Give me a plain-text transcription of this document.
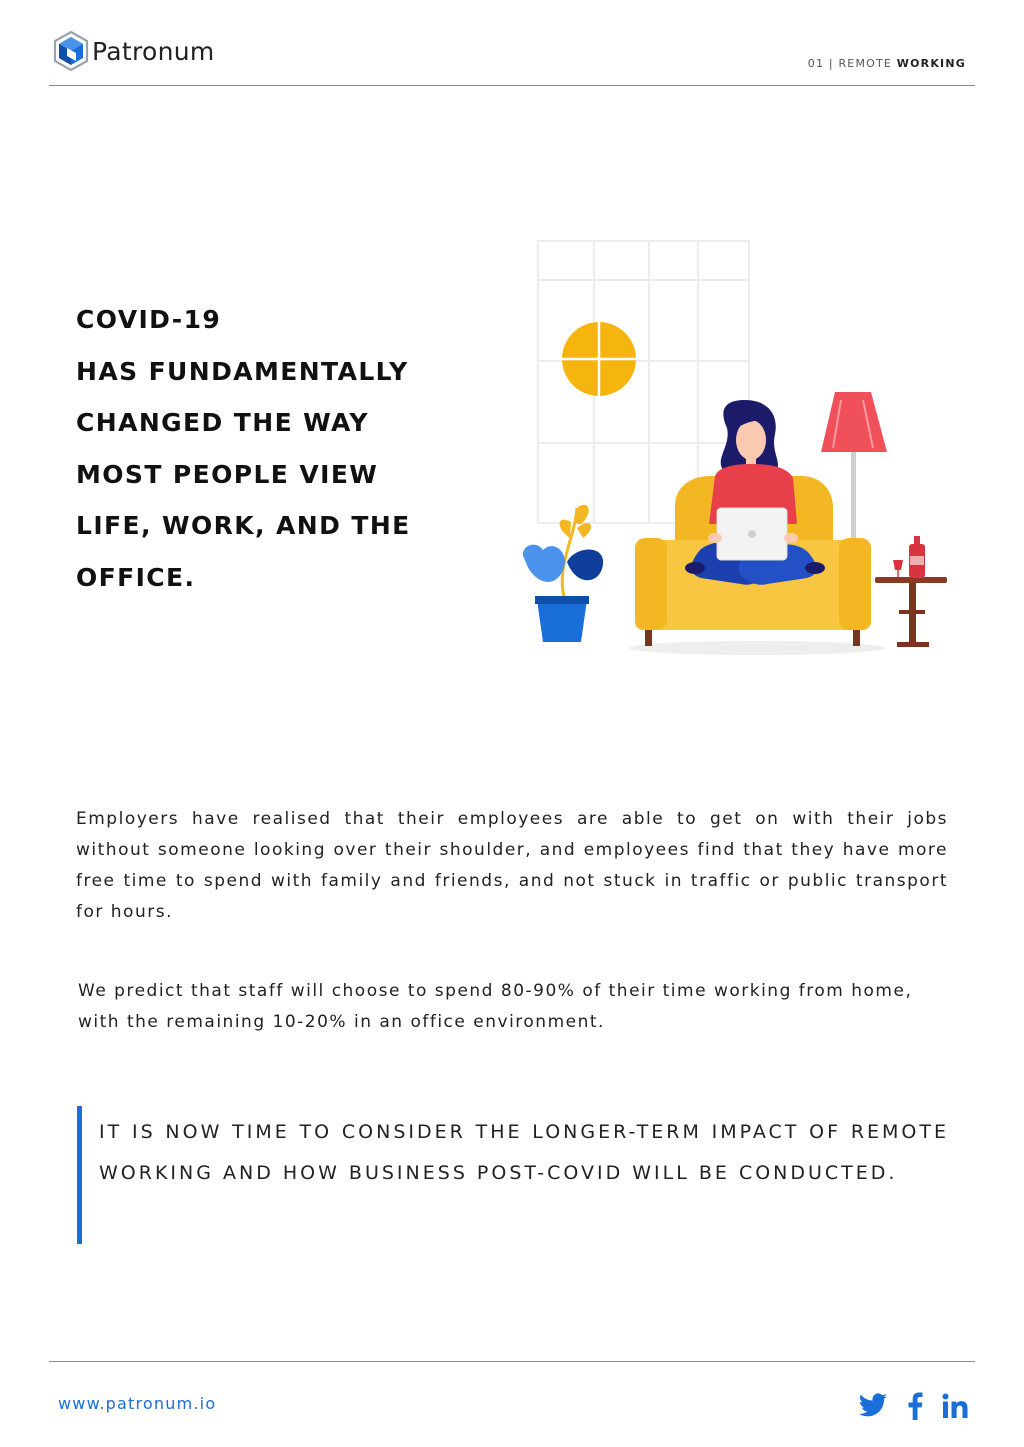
Patronum	01 | REMOTE WORKING
COVID-19
HAS FUNDAMENTALLY
CHANGED THE WAY
MOST PEOPLE VIEW
LIFE, WORK, AND THE
OFFICE.

Employers have realised that their employees are able to get on with their jobs without someone looking over their shoulder, and employees find that they have more free time to spend with family and friends, and not stuck in traffic or public transport for hours.

We predict that staff will choose to spend 80-90% of their time working from home, with the remaining 10-20% in an office environment.

IT IS NOW TIME TO CONSIDER THE LONGER-TERM IMPACT OF REMOTE WORKING AND HOW BUSINESS POST-COVID WILL BE CONDUCTED.

www.patronum.io
